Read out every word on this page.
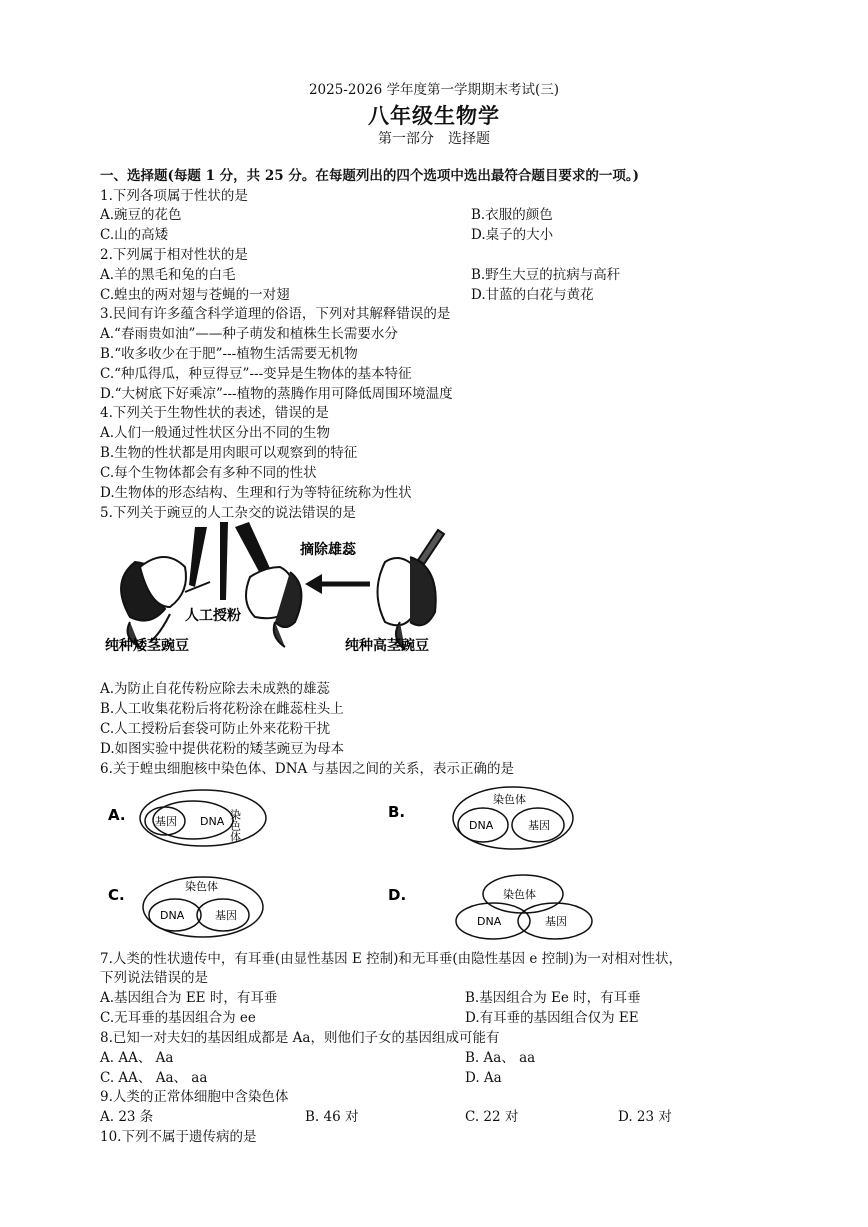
2025-2026 学年度第一学期期末考试(三)
八年级生物学
第一部分　选择题
一、选择题(每题 1 分，共 25 分。在每题列出的四个选项中选出最符合题目要求的一项。)
1.下列各项属于性状的是
A.豌豆的花色	B.衣服的颜色
C.山的高矮	D.桌子的大小
2.下列属于相对性状的是
A.羊的黑毛和兔的白毛	B.野生大豆的抗病与高秆
C.蝗虫的两对翅与苍蝇的一对翅	D.甘蓝的白花与黄花
3.民间有许多蕴含科学道理的俗语，下列对其解释错误的是
A.“春雨贵如油”——种子萌发和植株生长需要水分
B.“收多收少在于肥”---植物生活需要无机物
C.“种瓜得瓜，种豆得豆”---变异是生物体的基本特征
D.“大树底下好乘凉”---植物的蒸腾作用可降低周围环境温度
4.下列关于生物性状的表述，错误的是
A.人们一般通过性状区分出不同的生物
B.生物的性状都是用肉眼可以观察到的特征
C.每个生物体都会有多种不同的性状
D.生物体的形态结构、生理和行为等特征统称为性状
5.下列关于豌豆的人工杂交的说法错误的是
摘除雄蕊
人工授粉
纯种矮茎豌豆	纯种高茎豌豆
A.为防止自花传粉应除去未成熟的雄蕊
B.人工收集花粉后将花粉涂在雌蕊柱头上
C.人工授粉后套袋可防止外来花粉干扰
D.如图实验中提供花粉的矮茎豌豆为母本
6.关于蝗虫细胞核中染色体、DNA 与基因之间的关系，表示正确的是
A.	基因 DNA 染色体	B.
染色体
DNA	基因
C.	染色体
DNA	基因
D.	染色体
DNA	基因
7.人类的性状遗传中，有耳垂(由显性基因 E 控制)和无耳垂(由隐性基因 e 控制)为一对相对性状，
下列说法错误的是
A.基因组合为 EE 时，有耳垂	B.基因组合为 Ee 时，有耳垂
C.无耳垂的基因组合为 ee	D.有耳垂的基因组合仅为 EE
8.已知一对夫妇的基因组成都是 Aa，则他们子女的基因组成可能有
A. AA、 Aa	B. Aa、 aa
C. AA、 Aa、 aa	D. Aa
9.人类的正常体细胞中含染色体
A. 23 条	B. 46 对	C. 22 对	D. 23 对
10.下列不属于遗传病的是
